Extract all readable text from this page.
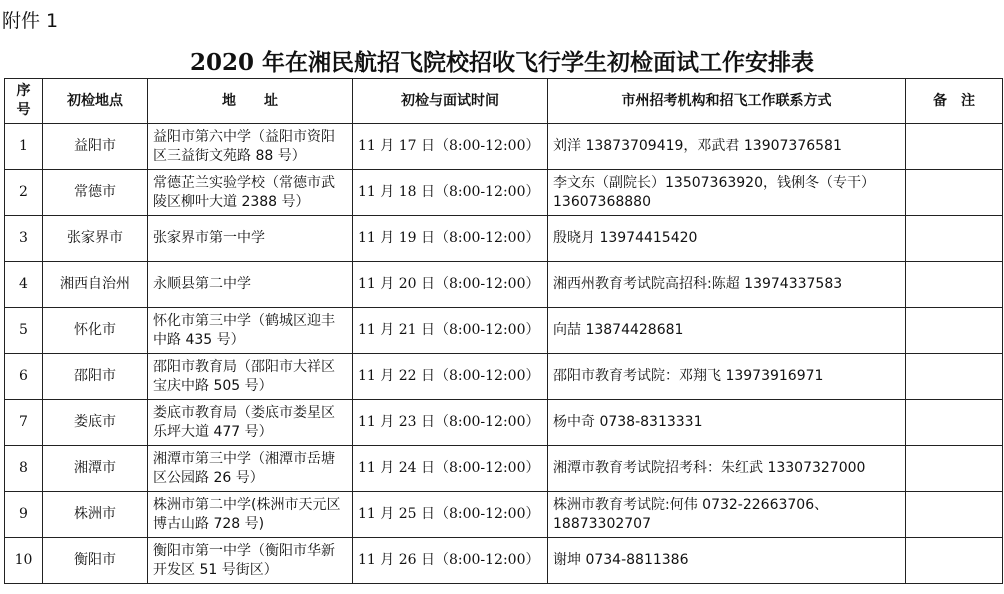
附件 1
2020 年在湘民航招飞院校招收飞行学生初检面试工作安排表
序号	初检地点	地　　址	初检与面试时间	市州招考机构和招飞工作联系方式	备　注
1	益阳市	益阳市第六中学（益阳市资阳区三益街文苑路 88 号）	11 月 17 日（8:00-12:00）	刘洋 13873709419，邓武君 13907376581	
2	常德市	常德芷兰实验学校（常德市武陵区柳叶大道 2388 号）	11 月 18 日（8:00-12:00）	李文东（副院长）13507363920，钱俐冬（专干）13607368880	
3	张家界市	张家界市第一中学	11 月 19 日（8:00-12:00）	殷晓月 13974415420	
4	湘西自治州	永顺县第二中学	11 月 20 日（8:00-12:00）	湘西州教育考试院高招科:陈超 13974337583	
5	怀化市	怀化市第三中学（鹤城区迎丰中路 435 号）	11 月 21 日（8:00-12:00）	向喆 13874428681	
6	邵阳市	邵阳市教育局（邵阳市大祥区宝庆中路 505 号）	11 月 22 日（8:00-12:00）	邵阳市教育考试院：邓翔飞 13973916971	
7	娄底市	娄底市教育局（娄底市娄星区乐坪大道 477 号）	11 月 23 日（8:00-12:00）	杨中奇 0738-8313331	
8	湘潭市	湘潭市第三中学（湘潭市岳塘区公园路 26 号）	11 月 24 日（8:00-12:00）	湘潭市教育考试院招考科：朱红武 13307327000	
9	株洲市	株洲市第二中学(株洲市天元区博古山路 728 号)	11 月 25 日（8:00-12:00）	株洲市教育考试院:何伟 0732-22663706、18873302707	
10	衡阳市	衡阳市第一中学（衡阳市华新开发区 51 号街区）	11 月 26 日（8:00-12:00）	谢坤 0734-8811386	
